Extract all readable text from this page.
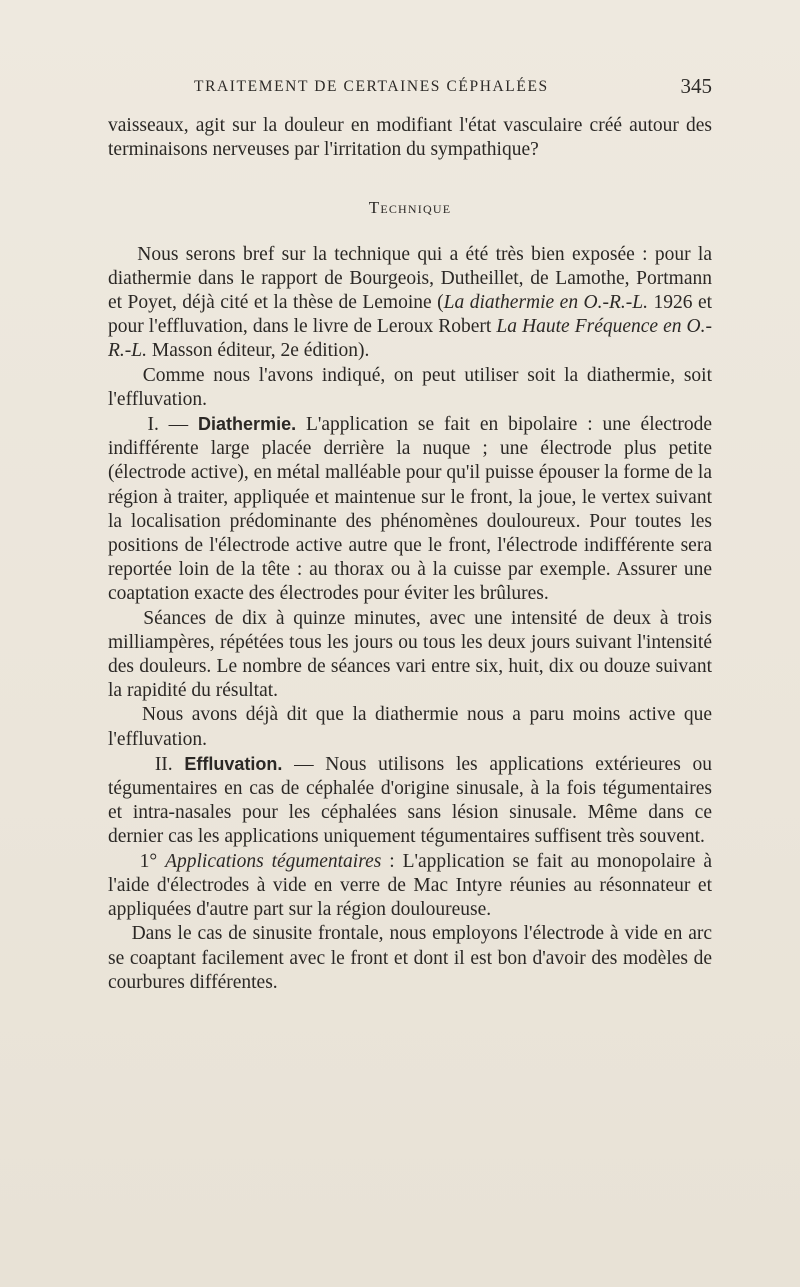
TRAITEMENT DE CERTAINES CÉPHALÉES	345

vaisseaux, agit sur la douleur en modifiant l'état vasculaire créé autour des terminaisons nerveuses par l'irritation du sympathique?

Technique

Nous serons bref sur la technique qui a été très bien exposée : pour la diathermie dans le rapport de Bourgeois, Dutheillet, de Lamothe, Portmann et Poyet, déjà cité et la thèse de Lemoine (La diathermie en O.-R.-L. 1926 et pour l'effluvation, dans le livre de Leroux Robert La Haute Fréquence en O.-R.-L. Masson éditeur, 2e édition).

Comme nous l'avons indiqué, on peut utiliser soit la diathermie, soit l'effluvation.

I. — Diathermie. L'application se fait en bipolaire : une électrode indifférente large placée derrière la nuque ; une électrode plus petite (électrode active), en métal malléable pour qu'il puisse épouser la forme de la région à traiter, appliquée et maintenue sur le front, la joue, le vertex suivant la localisation prédominante des phénomènes douloureux. Pour toutes les positions de l'électrode active autre que le front, l'électrode indifférente sera reportée loin de la tête : au thorax ou à la cuisse par exemple. Assurer une coaptation exacte des électrodes pour éviter les brûlures.

Séances de dix à quinze minutes, avec une intensité de deux à trois milliampères, répétées tous les jours ou tous les deux jours suivant l'intensité des douleurs. Le nombre de séances vari entre six, huit, dix ou douze suivant la rapidité du résultat.

Nous avons déjà dit que la diathermie nous a paru moins active que l'effluvation.

II. Effluvation. — Nous utilisons les applications extérieures ou tégumentaires en cas de céphalée d'origine sinusale, à la fois tégumentaires et intra-nasales pour les céphalées sans lésion sinusale. Même dans ce dernier cas les applications uniquement tégumentaires suffisent très souvent.

1° Applications tégumentaires : L'application se fait au monopolaire à l'aide d'électrodes à vide en verre de Mac Intyre réunies au résonnateur et appliquées d'autre part sur la région douloureuse.

Dans le cas de sinusite frontale, nous employons l'électrode à vide en arc se coaptant facilement avec le front et dont il est bon d'avoir des modèles de courbures différentes.
